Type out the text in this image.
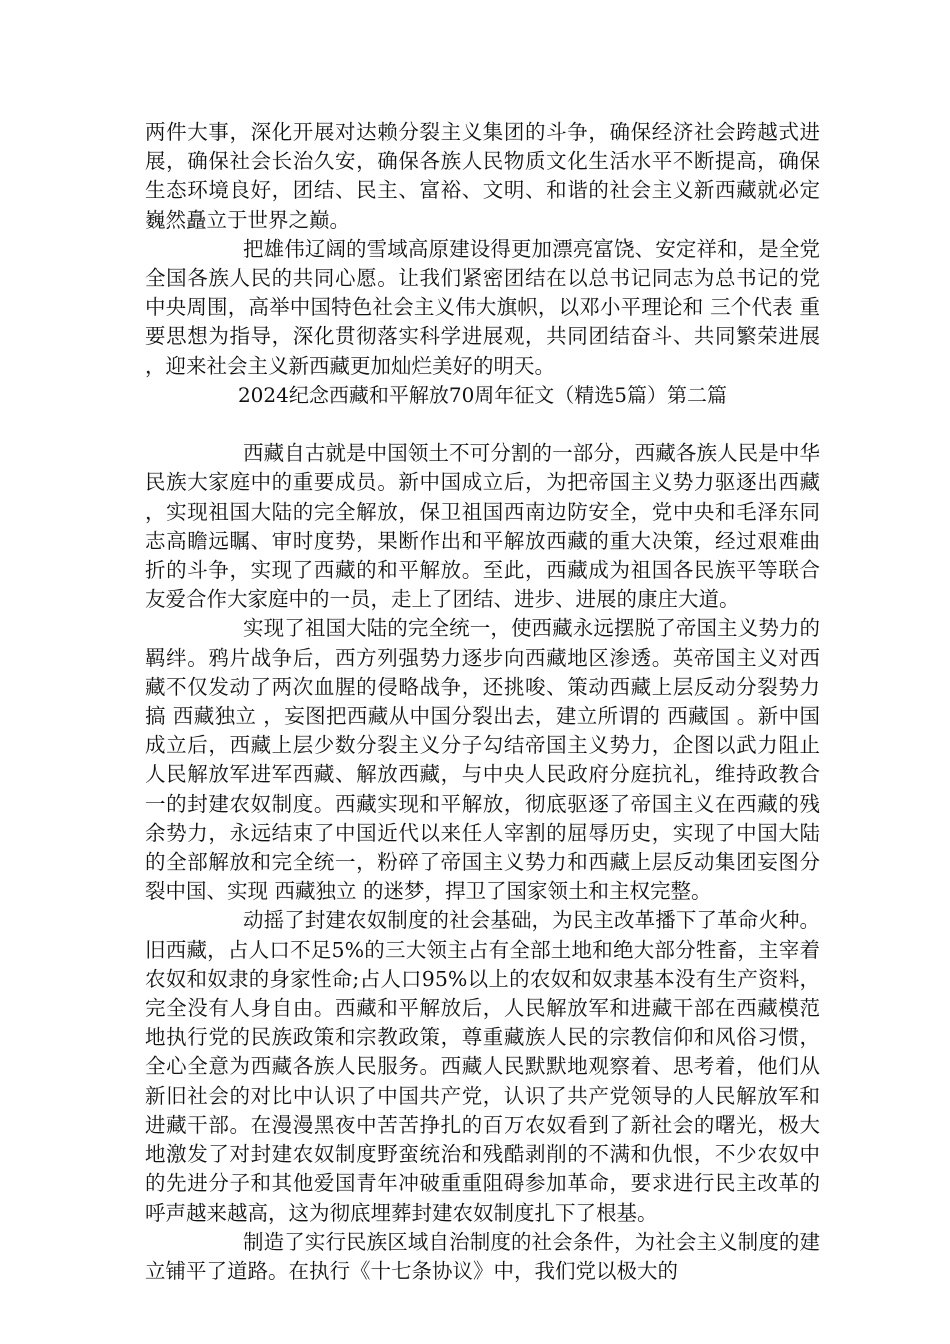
两件大事，深化开展对达赖分裂主义集团的斗争，确保经济社会跨越式进展，确保社会长治久安，确保各族人民物质文化生活水平不断提高，确保生态环境良好，团结、民主、富裕、文明、和谐的社会主义新西藏就必定巍然矗立于世界之巅。

把雄伟辽阔的雪域高原建设得更加漂亮富饶、安定祥和，是全党全国各族人民的共同心愿。让我们紧密团结在以总书记同志为总书记的党中央周围，高举中国特色社会主义伟大旗帜，以邓小平理论和 三个代表 重要思想为指导，深化贯彻落实科学进展观，共同团结奋斗、共同繁荣进展，迎来社会主义新西藏更加灿烂美好的明天。

2024纪念西藏和平解放70周年征文（精选5篇）第二篇

西藏自古就是中国领土不可分割的一部分，西藏各族人民是中华民族大家庭中的重要成员。新中国成立后，为把帝国主义势力驱逐出西藏，实现祖国大陆的完全解放，保卫祖国西南边防安全，党中央和毛泽东同志高瞻远瞩、审时度势，果断作出和平解放西藏的重大决策，经过艰难曲折的斗争，实现了西藏的和平解放。至此，西藏成为祖国各民族平等联合友爱合作大家庭中的一员，走上了团结、进步、进展的康庄大道。

实现了祖国大陆的完全统一，使西藏永远摆脱了帝国主义势力的羁绊。鸦片战争后，西方列强势力逐步向西藏地区渗透。英帝国主义对西藏不仅发动了两次血腥的侵略战争，还挑唆、策动西藏上层反动分裂势力搞 西藏独立 ，妄图把西藏从中国分裂出去，建立所谓的 西藏国 。新中国成立后，西藏上层少数分裂主义分子勾结帝国主义势力，企图以武力阻止人民解放军进军西藏、解放西藏，与中央人民政府分庭抗礼，维持政教合一的封建农奴制度。西藏实现和平解放，彻底驱逐了帝国主义在西藏的残余势力，永远结束了中国近代以来任人宰割的屈辱历史，实现了中国大陆的全部解放和完全统一，粉碎了帝国主义势力和西藏上层反动集团妄图分裂中国、实现 西藏独立 的迷梦，捍卫了国家领土和主权完整。

动摇了封建农奴制度的社会基础，为民主改革播下了革命火种。旧西藏，占人口不足5%的三大领主占有全部土地和绝大部分牲畜，主宰着农奴和奴隶的身家性命;占人口95%以上的农奴和奴隶基本没有生产资料，完全没有人身自由。西藏和平解放后，人民解放军和进藏干部在西藏模范地执行党的民族政策和宗教政策，尊重藏族人民的宗教信仰和风俗习惯，全心全意为西藏各族人民服务。西藏人民默默地观察着、思考着，他们从新旧社会的对比中认识了中国共产党，认识了共产党领导的人民解放军和进藏干部。在漫漫黑夜中苦苦挣扎的百万农奴看到了新社会的曙光，极大地激发了对封建农奴制度野蛮统治和残酷剥削的不满和仇恨，不少农奴中的先进分子和其他爱国青年冲破重重阻碍参加革命，要求进行民主改革的呼声越来越高，这为彻底埋葬封建农奴制度扎下了根基。

制造了实行民族区域自治制度的社会条件，为社会主义制度的建立铺平了道路。在执行《十七条协议》中，我们党以极大的
